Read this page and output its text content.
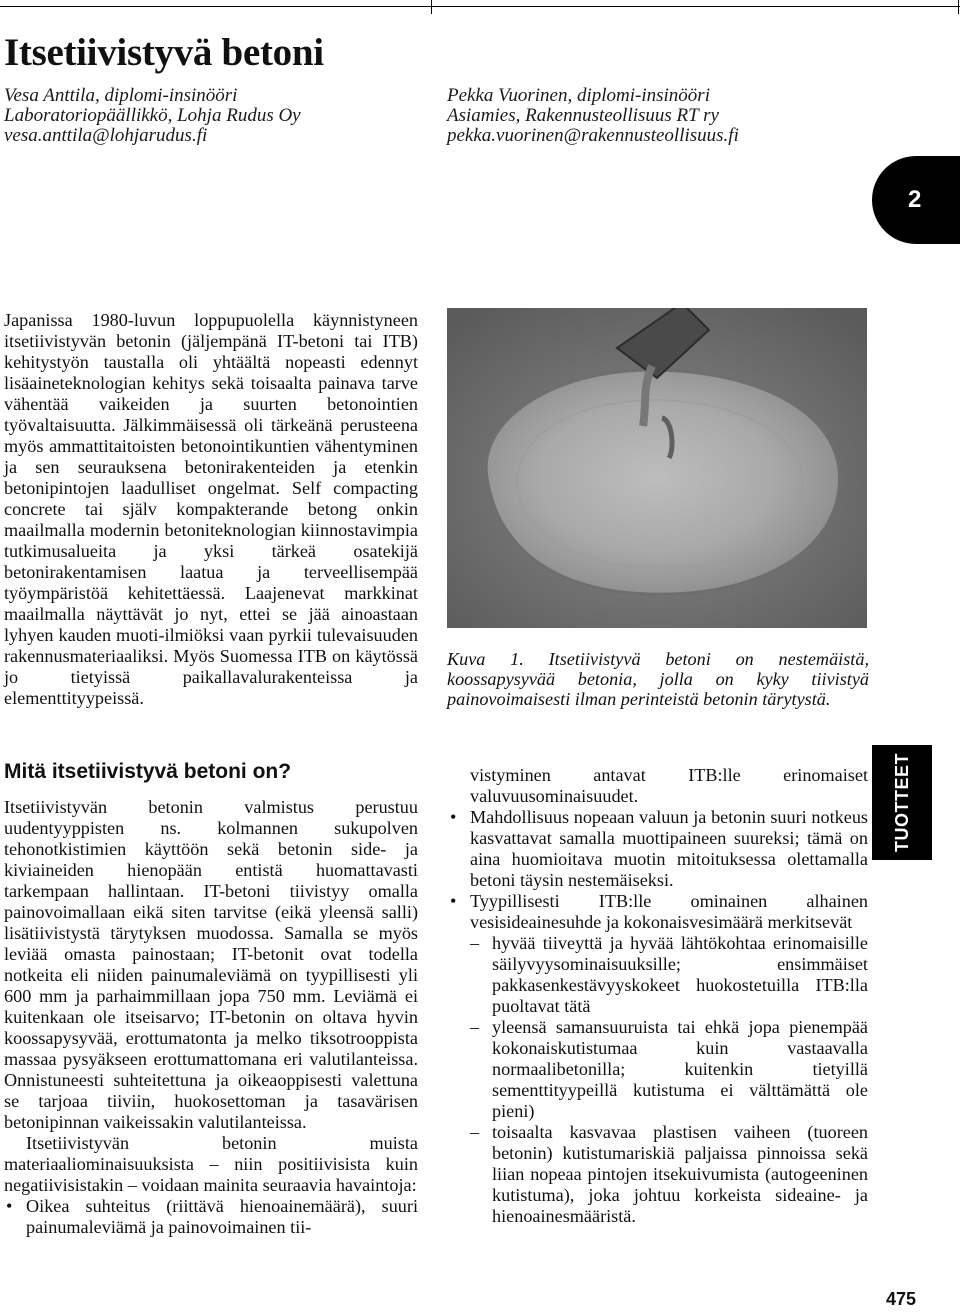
Itsetiivistyvä betoni
Vesa Anttila, diplomi-insinööri
Laboratoriopäällikkö, Lohja Rudus Oy
vesa.anttila@lohjarudus.fi
Pekka Vuorinen, diplomi-insinööri
Asiamies, Rakennusteollisuus RT ry
pekka.vuorinen@rakennusteollisuus.fi
2

Japanissa 1980-luvun loppupuolella käynnistyneen itsetiivistyvän betonin (jäljempänä IT-betoni tai ITB) kehitystyön taustalla oli yhtäältä nopeasti edennyt lisäaineteknologian kehitys sekä toisaalta painava tarve vähentää vaikeiden ja suurten betonointien työvaltaisuutta. Jälkimmäisessä oli tärkeänä perusteena myös ammattitaitoisten betonointikuntien vähentyminen ja sen seurauksena betonirakenteiden ja etenkin betonipintojen laadulliset ongelmat. Self compacting concrete tai själv kompakterande betong onkin maailmalla modernin betoniteknologian kiinnostavimpia tutkimusalueita ja yksi tärkeä osatekijä betonirakentamisen laatua ja terveellisempää työympäristöä kehitettäessä. Laajenevat markkinat maailmalla näyttävät jo nyt, ettei se jää ainoastaan lyhyen kauden muoti-ilmiöksi vaan pyrkii tulevaisuuden rakennusmateriaaliksi. Myös Suomessa ITB on käytössä jo tietyissä paikallavalurakenteissa ja elementtityypeissä.

Kuva 1. Itsetiivistyvä betoni on nestemäistä, koossapysyvää betonia, jolla on kyky tiivistyä painovoimaisesti ilman perinteistä betonin tärytystä.
Mitä itsetiivistyvä betoni on?

Itsetiivistyvän betonin valmistus perustuu uudentyyppisten ns. kolmannen sukupolven tehonotkistimien käyttöön sekä betonin side- ja kiviaineiden hienopään entistä huomattavasti tarkempaan hallintaan. IT-betoni tiivistyy omalla painovoimallaan eikä siten tarvitse (eikä yleensä salli) lisätiivistystä tärytyksen muodossa. Samalla se myös leviää omasta painostaan; IT-betonit ovat todella notkeita eli niiden painumaleviämä on tyypillisesti yli 600 mm ja parhaimmillaan jopa 750 mm. Leviämä ei kuitenkaan ole itseisarvo; IT-betonin on oltava hyvin koossapysyvää, erottumatonta ja melko tiksotrooppista massaa pysyäkseen erottumattomana eri valutilanteissa. Onnistuneesti suhteitettuna ja oikeaoppisesti valettuna se tarjoaa tiiviin, huokosettoman ja tasavärisen betonipinnan vaikeissakin valutilanteissa.

Itsetiivistyvän betonin muista materiaaliominaisuuksista – niin positiivisista kuin negatiivisistakin – voidaan mainita seuraavia havaintoja:

• Oikea suhteitus (riittävä hienoainemäärä), suuri painumaleviämä ja painovoimainen tii-

vistyminen antavat ITB:lle erinomaiset valuvuusominaisuudet.

• Mahdollisuus nopeaan valuun ja betonin suuri notkeus kasvattavat samalla muottipaineen suureksi; tämä on aina huomioitava muotin mitoituksessa olettamalla betoni täysin nestemäiseksi.
• Tyypillisesti ITB:lle ominainen alhainen vesisideainesuhde ja kokonaisvesimäärä merkitsevät
– hyvää tiiveyttä ja hyvää lähtökohtaa erinomaisille säilyvyysominaisuuksille; ensimmäiset pakkasenkestävyyskokeet huokostetuilla ITB:lla puoltavat tätä
– yleensä samansuuruista tai ehkä jopa pienempää kokonaiskutistumaa kuin vastaavalla normaalibetonilla; kuitenkin tietyillä sementtityypeillä kutistuma ei välttämättä ole pieni)
– toisaalta kasvavaa plastisen vaiheen (tuoreen betonin) kutistumariskiä paljaissa pinnoissa sekä liian nopeaa pintojen itsekuivumista (autogeeninen kutistuma), joka johtuu korkeista sideaine- ja hienoainesmääristä.
TUOTTEET
475
